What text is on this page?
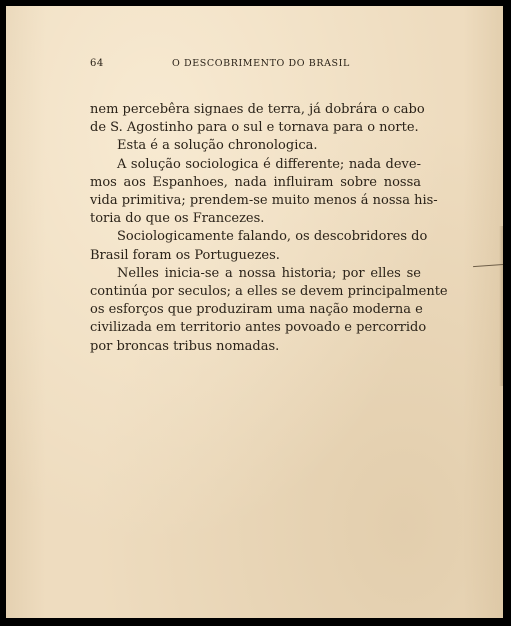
64	O DESCOBRIMENTO DO BRASIL

nem percebêra signaes de terra, já dobrára o cabo
de S. Agostinho para o sul e tornava para o norte.

Esta é a solução chronologica.

A solução sociologica é differente; nada deve-
mos aos Espanhoes, nada influiram sobre nossa
vida primitiva; prendem-se muito menos á nossa his-
toria do que os Francezes.

Sociologicamente falando, os descobridores do
Brasil foram os Portuguezes.

Nelles inicia-se a nossa historia; por elles se
continúa por seculos; a elles se devem principalmente
os esforços que produziram uma nação moderna e
civilizada em territorio antes povoado e percorrido
por broncas tribus nomadas.
